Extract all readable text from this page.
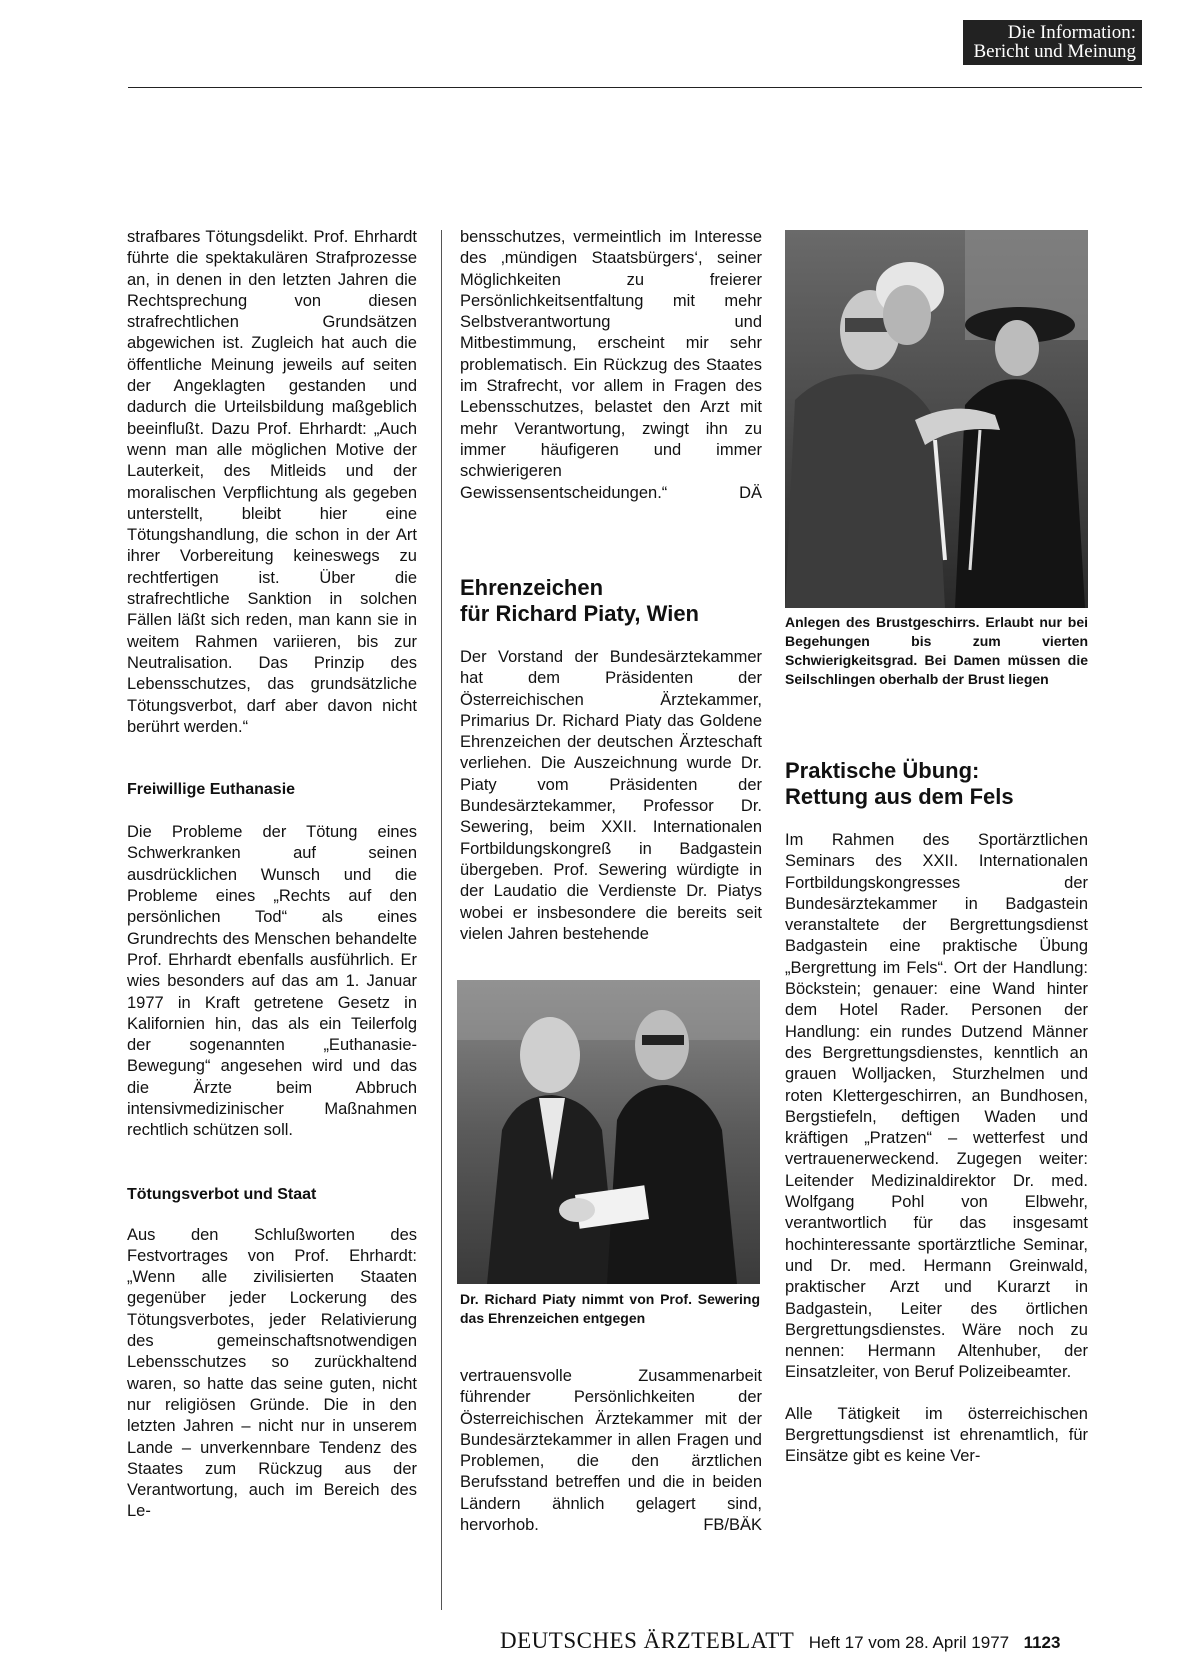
Die Information:
Bericht und Meinung

strafbares Tötungsdelikt. Prof. Ehrhardt führte die spektakulären Strafprozesse an, in denen in den letzten Jahren die Rechtsprechung von diesen strafrechtlichen Grundsätzen abgewichen ist. Zugleich hat auch die öffentliche Meinung jeweils auf seiten der Angeklagten gestanden und dadurch die Urteilsbildung maßgeblich beeinflußt. Dazu Prof. Ehrhardt: „Auch wenn man alle möglichen Motive der Lauterkeit, des Mitleids und der moralischen Verpflichtung als gegeben unterstellt, bleibt hier eine Tötungshandlung, die schon in der Art ihrer Vorbereitung keineswegs zu rechtfertigen ist. Über die strafrechtliche Sanktion in solchen Fällen läßt sich reden, man kann sie in weitem Rahmen variieren, bis zur Neutralisation. Das Prinzip des Lebensschutzes, das grundsätzliche Tötungsverbot, darf aber davon nicht berührt werden.“

Freiwillige Euthanasie

Die Probleme der Tötung eines Schwerkranken auf seinen ausdrücklichen Wunsch und die Probleme eines „Rechts auf den persönlichen Tod“ als eines Grundrechts des Menschen behandelte Prof. Ehrhardt ebenfalls ausführlich. Er wies besonders auf das am 1. Januar 1977 in Kraft getretene Gesetz in Kalifornien hin, das als ein Teilerfolg der sogenannten „Euthanasie-Bewegung“ angesehen wird und das die Ärzte beim Abbruch intensivmedizinischer Maßnahmen rechtlich schützen soll.

Tötungsverbot und Staat

Aus den Schlußworten des Festvortrages von Prof. Ehrhardt: „Wenn alle zivilisierten Staaten gegenüber jeder Lockerung des Tötungsverbotes, jeder Relativierung des gemeinschaftsnotwendigen Lebensschutzes so zurückhaltend waren, so hatte das seine guten, nicht nur religiösen Gründe. Die in den letzten Jahren – nicht nur in unserem Lande – unverkennbare Tendenz des Staates zum Rückzug aus der Verantwortung, auch im Bereich des Le-

bensschutzes, vermeintlich im Interesse des ‚mündigen Staatsbürgers‘, seiner Möglichkeiten zu freierer Persönlichkeitsentfaltung mit mehr Selbstverantwortung und Mitbestimmung, erscheint mir sehr problematisch. Ein Rückzug des Staates im Strafrecht, vor allem in Fragen des Lebensschutzes, belastet den Arzt mit mehr Verantwortung, zwingt ihn zu immer häufigeren und immer schwierigeren Gewissensentscheidungen.“	DÄ

Ehrenzeichen
für Richard Piaty, Wien

Der Vorstand der Bundesärztekammer hat dem Präsidenten der Österreichischen Ärztekammer, Primarius Dr. Richard Piaty das Goldene Ehrenzeichen der deutschen Ärzteschaft verliehen. Die Auszeichnung wurde Dr. Piaty vom Präsidenten der Bundesärztekammer, Professor Dr. Sewering, beim XXII. Internationalen Fortbildungskongreß in Badgastein übergeben. Prof. Sewering würdigte in der Laudatio die Verdienste Dr. Piatys wobei er insbesondere die bereits seit vielen Jahren bestehende

Dr. Richard Piaty nimmt von Prof. Sewering das Ehrenzeichen entgegen

vertrauensvolle Zusammenarbeit führender Persönlichkeiten der Österreichischen Ärztekammer mit der Bundesärztekammer in allen Fragen und Problemen, die den ärztlichen Berufsstand betreffen und die in beiden Ländern ähnlich gelagert sind, hervorhob.	FB/BÄK

Anlegen des Brustgeschirrs. Erlaubt nur bei Begehungen bis zum vierten Schwierigkeitsgrad. Bei Damen müssen die Seilschlingen oberhalb der Brust liegen
Praktische Übung:
Rettung aus dem Fels

Im Rahmen des Sportärztlichen Seminars des XXII. Internationalen Fortbildungskongresses der Bundesärztekammer in Badgastein veranstaltete der Bergrettungsdienst Badgastein eine praktische Übung „Bergrettung im Fels“. Ort der Handlung: Böckstein; genauer: eine Wand hinter dem Hotel Rader. Personen der Handlung: ein rundes Dutzend Männer des Bergrettungsdienstes, kenntlich an grauen Wolljacken, Sturzhelmen und roten Klettergeschirren, an Bundhosen, Bergstiefeln, deftigen Waden und kräftigen „Pratzen“ – wetterfest und vertrauenerweckend. Zugegen weiter: Leitender Medizinaldirektor Dr. med. Wolfgang Pohl von Elbwehr, verantwortlich für das insgesamt hochinteressante sportärztliche Seminar, und Dr. med. Hermann Greinwald, praktischer Arzt und Kurarzt in Badgastein, Leiter des örtlichen Bergrettungsdienstes. Wäre noch zu nennen: Hermann Altenhuber, der Einsatzleiter, von Beruf Polizeibeamter.

Alle Tätigkeit im österreichischen Bergrettungsdienst ist ehrenamtlich, für Einsätze gibt es keine Ver-

DEUTSCHES ÄRZTEBLATT Heft 17 vom 28. April 1977 1123
